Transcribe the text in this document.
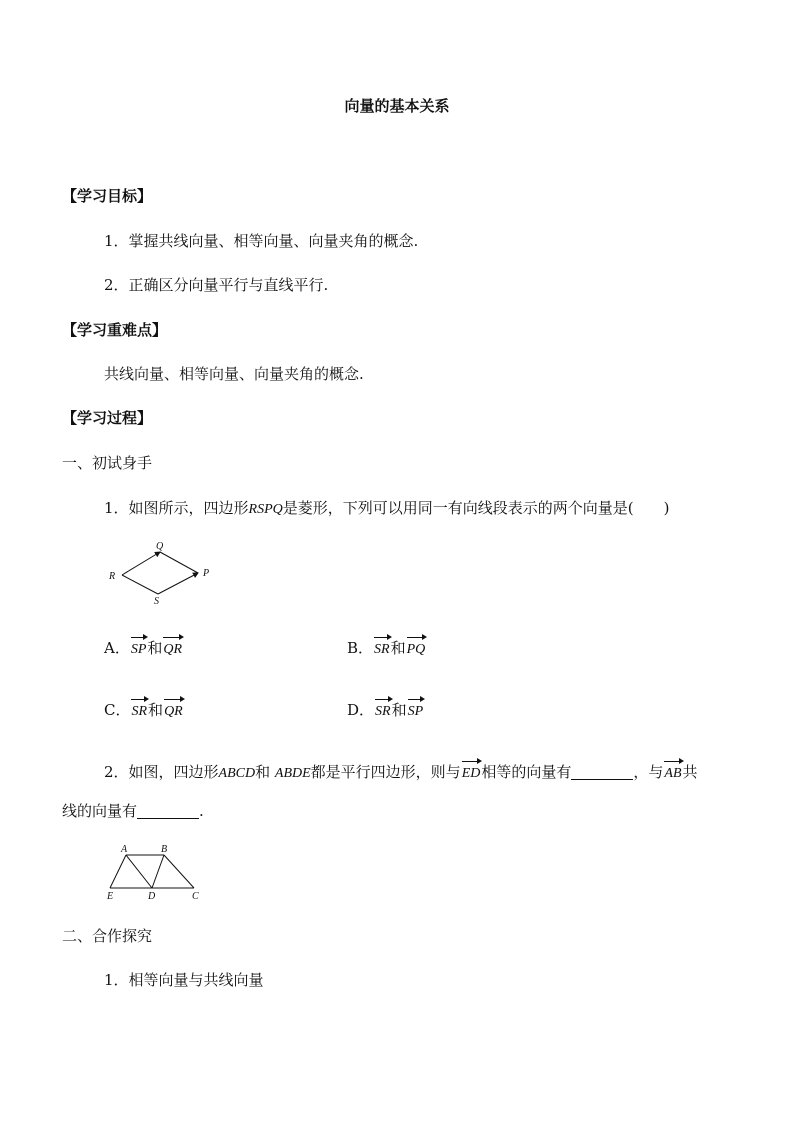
向量的基本关系
【学习目标】
1．掌握共线向量、相等向量、向量夹角的概念.
2．正确区分向量平行与直线平行.
【学习重难点】
共线向量、相等向量、向量夹角的概念.
【学习过程】
一、初试身手
1．如图所示，四边形RSPQ是菱形，下列可以用同一有向线段表示的两个向量是(　　)
Q
R	P
S
A．SP和QR	B．SR和PQ
C．SR和QR	D．SR和SP
2．如图，四边形ABCD和 ABDE都是平行四边形，则与ED相等的向量有	，与AB共
线的向量有	.
A	B
E	D	C
二、合作探究
1．相等向量与共线向量
